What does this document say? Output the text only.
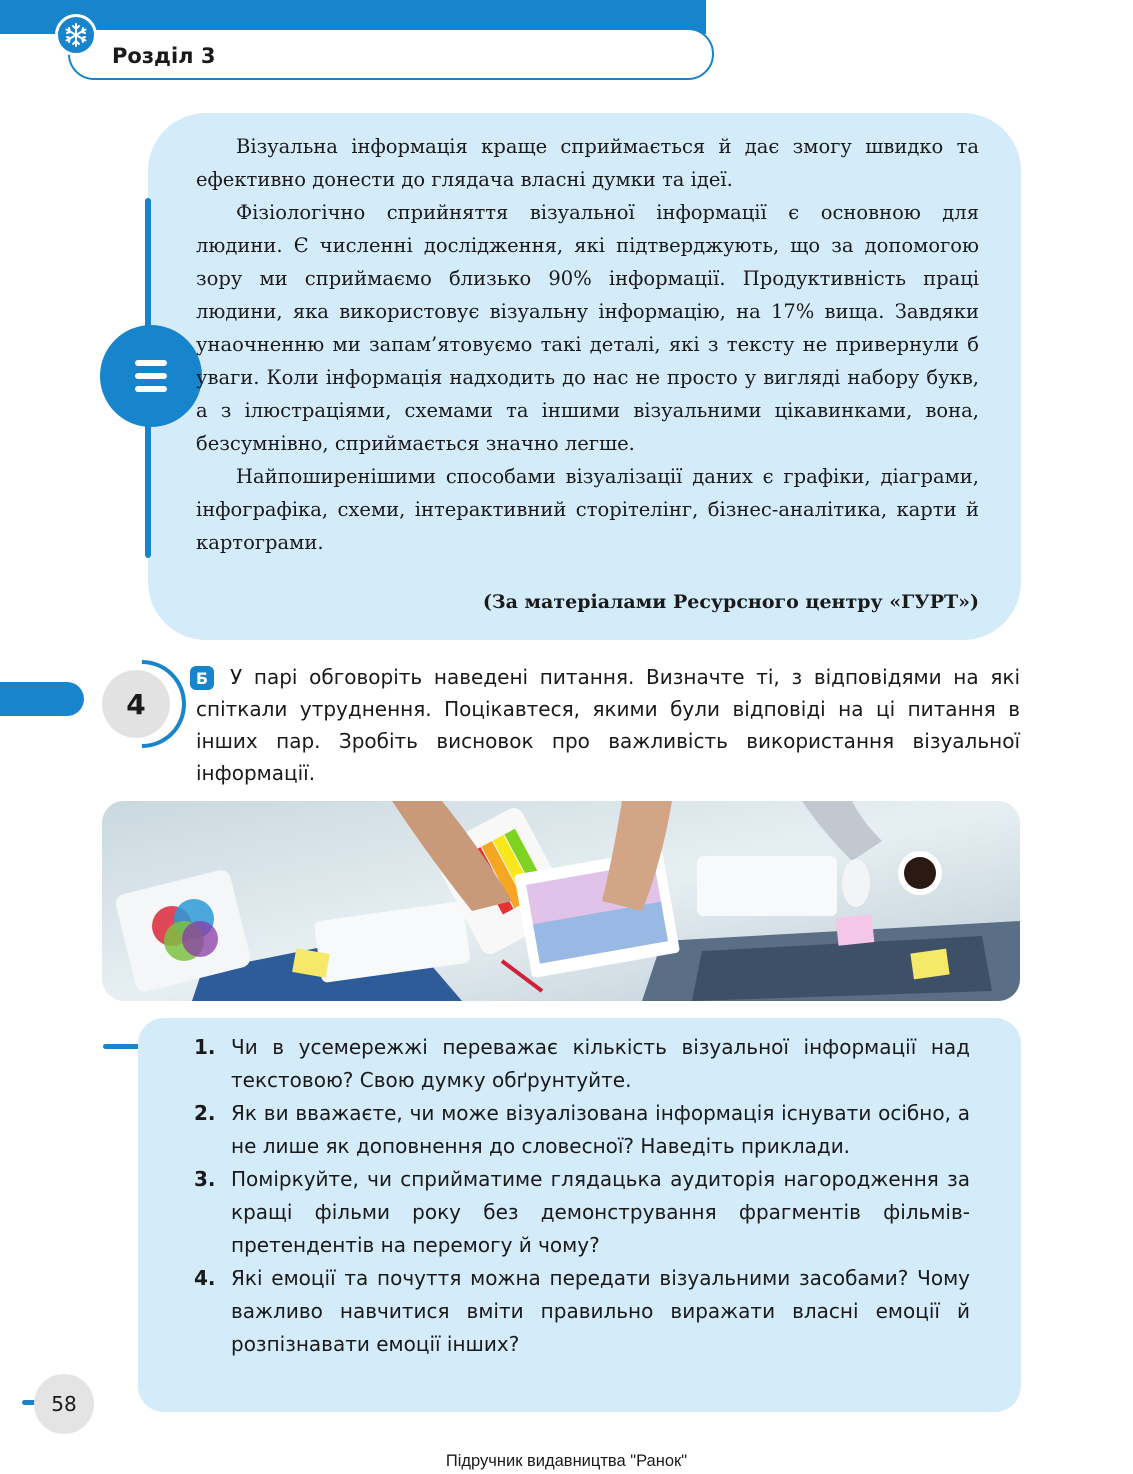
Розділ 3

Візуальна інформація краще сприймається й дає змогу швидко та ефективно донести до глядача власні думки та ідеї.

Фізіологічно сприйняття візуальної інформації є основною для людини. Є численні дослідження, які підтверджують, що за допомогою зору ми сприймаємо близько 90% інформації. Продуктивність праці людини, яка використовує візуальну інформацію, на 17% вища. Завдяки унаочненню ми запам’ятовуємо такі деталі, які з тексту не привернули б уваги. Коли інформація надходить до нас не просто у вигляді набору букв, а з ілюстраціями, схемами та іншими візуальними цікавинками, вона, безсумнівно, сприймається значно легше.

Найпоширенішими способами візуалізації даних є графіки, діаграми, інфографіка, схеми, інтерактивний сторітелінг, бізнес-аналітика, карти й картограми.

(За матеріалами Ресурсного центру «ГУРТ»)
4
Б	У парі обговоріть наведені питання. Визначте ті, з відповідями на які спіткали утруднення. Поцікавтеся, якими були відповіді на ці питання в інших пар. Зробіть висновок про важливість використання візуальної інформації.
1. Чи в усемережжі переважає кількість візуальної інформації над текстовою? Свою думку обґрунтуйте.
2. Як ви вважаєте, чи може візуалізована інформація існувати осібно, а не лише як доповнення до словесної? Наведіть приклади.
3. Поміркуйте, чи сприйматиме глядацька аудиторія нагородження за кращі фільми року без демонстрування фрагментів фільмів-претендентів на перемогу й чому?
4. Які емоції та почуття можна передати візуальними засобами? Чому важливо навчитися вміти правильно виражати власні емоції й розпізнавати емоції інших?
58
Підручник видавництва "Ранок"
